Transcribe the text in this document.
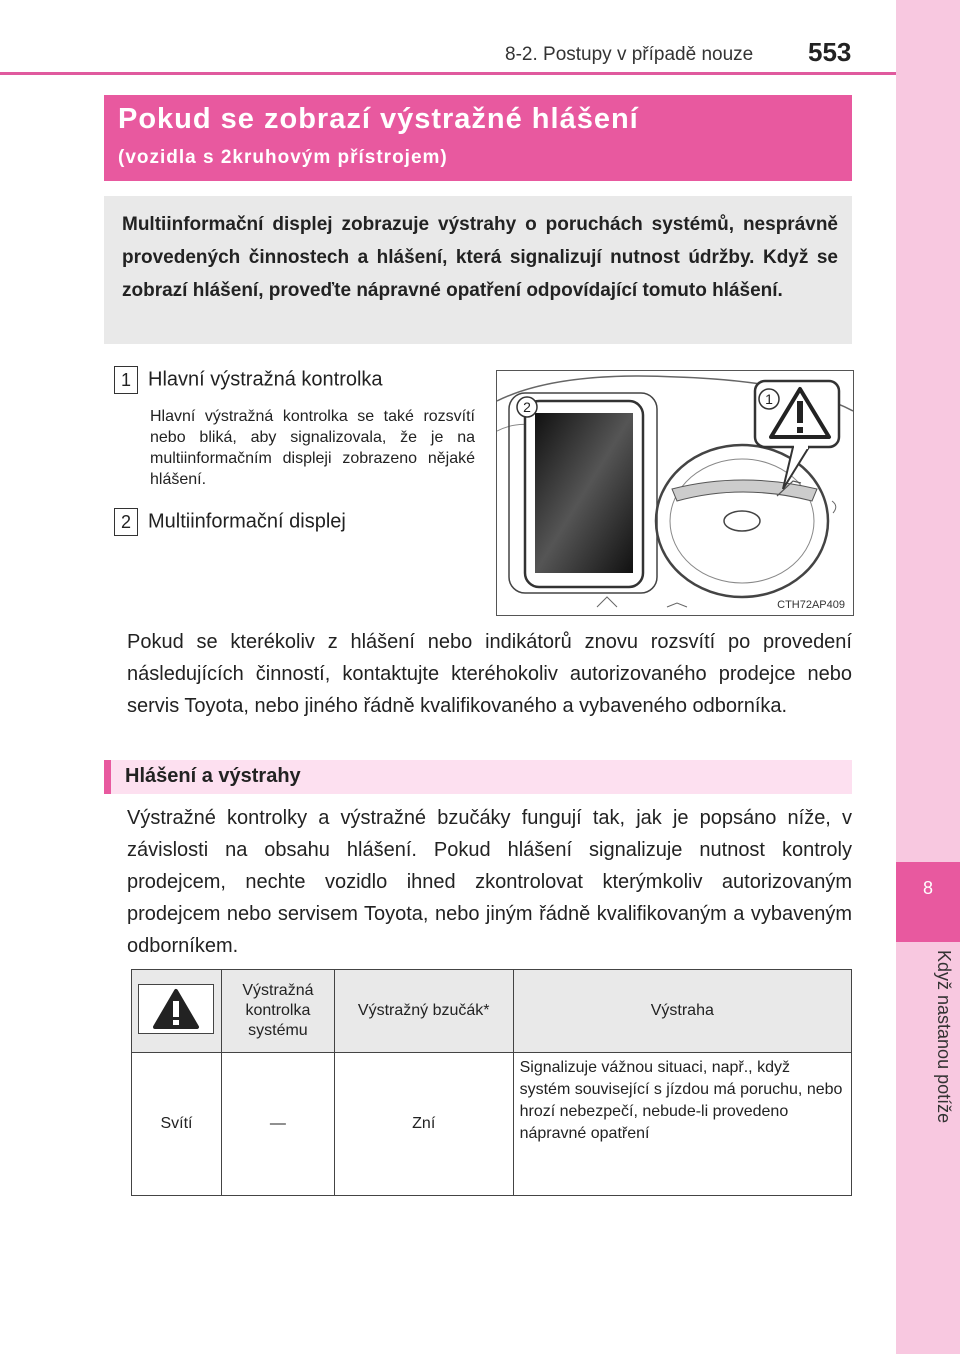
8-2. Postupy v případě nouze 553
8
Když nastanou potíže
Pokud se zobrazí výstražné hlášení
(vozidla s 2kruhovým přístrojem)
Multiinformační displej zobrazuje výstrahy o poruchách systémů, nesprávně provedených činnostech a hlášení, která signalizují nutnost údržby. Když se zobrazí hlášení, proveďte nápravné opatření odpovídající tomuto hlášení.
1 Hlavní výstražná kontrolka
Hlavní výstražná kontrolka se také rozsvítí nebo bliká, aby signalizovala, že je na multiinformačním displeji zobrazeno nějaké hlášení.
2 Multiinformační displej
1
2
CTH72AP409
Pokud se kterékoliv z hlášení nebo indikátorů znovu rozsvítí po provedení následujících činností, kontaktujte kteréhokoliv autorizovaného prodejce nebo servis Toyota, nebo jiného řádně kvalifikovaného a vybaveného odborníka.
Hlášení a výstrahy
Výstražné kontrolky a výstražné bzučáky fungují tak, jak je popsáno níže, v závislosti na obsahu hlášení. Pokud hlášení signalizuje nutnost kontroly prodejcem, nechte vozidlo ihned zkontrolovat kterýmkoliv autorizovaným prodejcem nebo servisem Toyota, nebo jiným řádně kvalifikovaným a vybaveným odborníkem.
	Výstražná kontrolka systému	Výstražný bzučák*	Výstraha
Svítí	—	Zní	Signalizuje vážnou situaci, např., když systém související s jízdou má poruchu, nebo hrozí nebezpečí, nebude-li provedeno nápravné opatření
